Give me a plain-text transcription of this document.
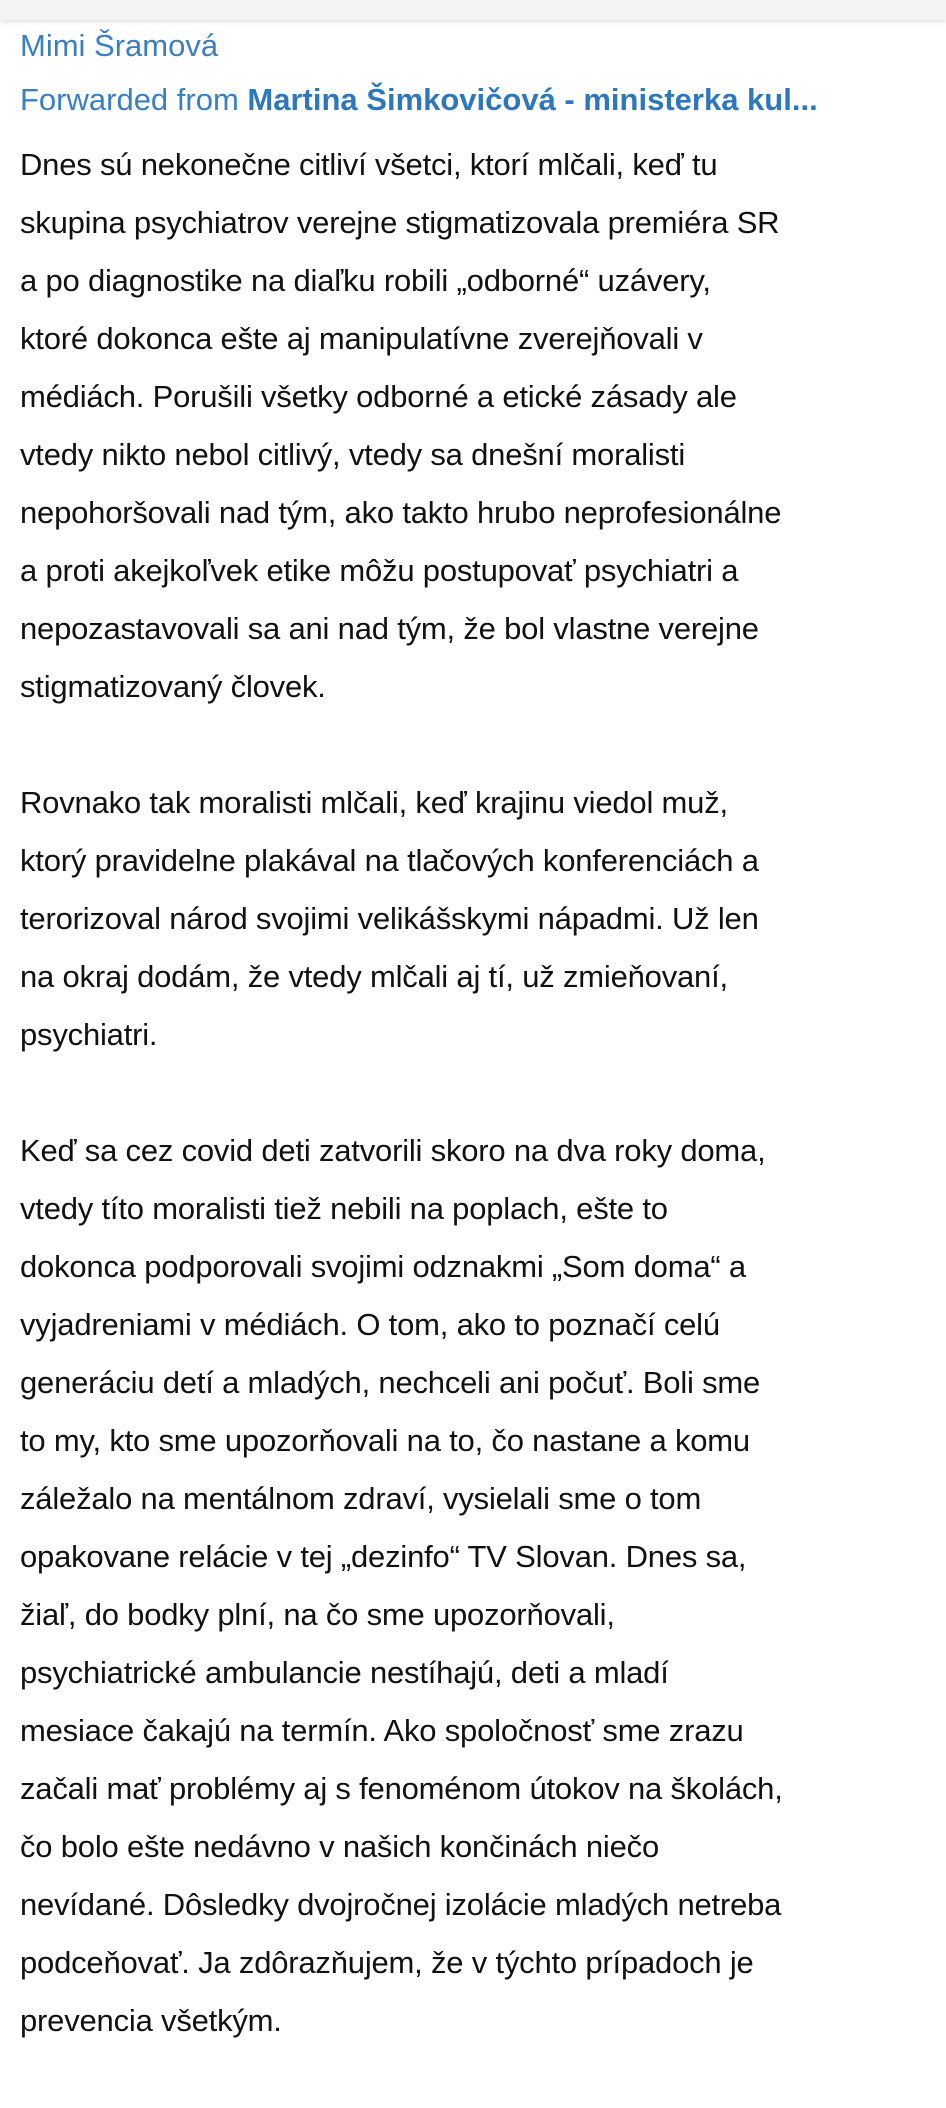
Mimi Šramová
Forwarded from Martina Šimkovičová - ministerka kul...
Dnes sú nekonečne citliví všetci, ktorí mlčali, keď tu
skupina psychiatrov verejne stigmatizovala premiéra SR
a po diagnostike na diaľku robili „odborné“ uzávery,
ktoré dokonca ešte aj manipulatívne zverejňovali v
médiách. Porušili všetky odborné a etické zásady ale
vtedy nikto nebol citlivý, vtedy sa dnešní moralisti
nepohoršovali nad tým, ako takto hrubo neprofesionálne
a proti akejkoľvek etike môžu postupovať psychiatri a
nepozastavovali sa ani nad tým, že bol vlastne verejne
stigmatizovaný človek.
Rovnako tak moralisti mlčali, keď krajinu viedol muž,
ktorý pravidelne plakával na tlačových konferenciách a
terorizoval národ svojimi velikášskymi nápadmi. Už len
na okraj dodám, že vtedy mlčali aj tí, už zmieňovaní,
psychiatri.
Keď sa cez covid deti zatvorili skoro na dva roky doma,
vtedy títo moralisti tiež nebili na poplach, ešte to
dokonca podporovali svojimi odznakmi „Som doma“ a
vyjadreniami v médiách. O tom, ako to poznačí celú
generáciu detí a mladých, nechceli ani počuť. Boli sme
to my, kto sme upozorňovali na to, čo nastane a komu
záležalo na mentálnom zdraví, vysielali sme o tom
opakovane relácie v tej „dezinfo“ TV Slovan. Dnes sa,
žiaľ, do bodky plní, na čo sme upozorňovali,
psychiatrické ambulancie nestíhajú, deti a mladí
mesiace čakajú na termín. Ako spoločnosť sme zrazu
začali mať problémy aj s fenoménom útokov na školách,
čo bolo ešte nedávno v našich končinách niečo
nevídané. Dôsledky dvojročnej izolácie mladých netreba
podceňovať. Ja zdôrazňujem, že v týchto prípadoch je
prevencia všetkým.
